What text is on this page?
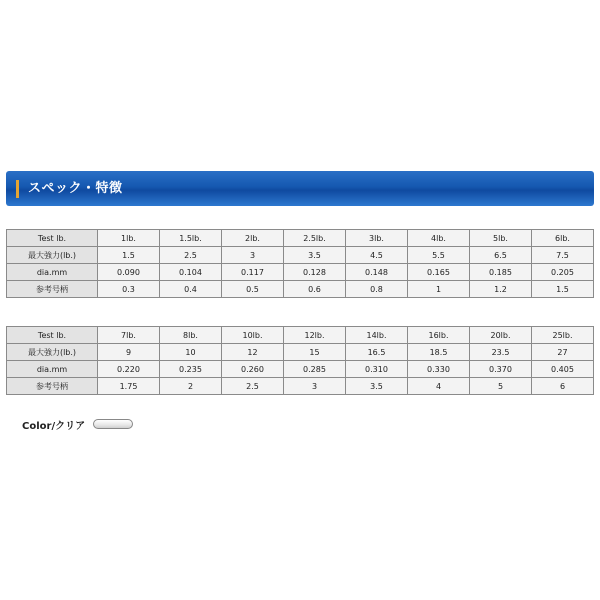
スペック・特徴
Test lb.	1lb.	1.5lb.	2lb.	2.5lb.	3lb.	4lb.	5lb.	6lb.
最大強力(lb.)	1.5	2.5	3	3.5	4.5	5.5	6.5	7.5
dia.mm	0.090	0.104	0.117	0.128	0.148	0.165	0.185	0.205
参考号柄	0.3	0.4	0.5	0.6	0.8	1	1.2	1.5
Test lb.	7lb.	8lb.	10lb.	12lb.	14lb.	16lb.	20lb.	25lb.
最大強力(lb.)	9	10	12	15	16.5	18.5	23.5	27
dia.mm	0.220	0.235	0.260	0.285	0.310	0.330	0.370	0.405
参考号柄	1.75	2	2.5	3	3.5	4	5	6
Color/クリア
